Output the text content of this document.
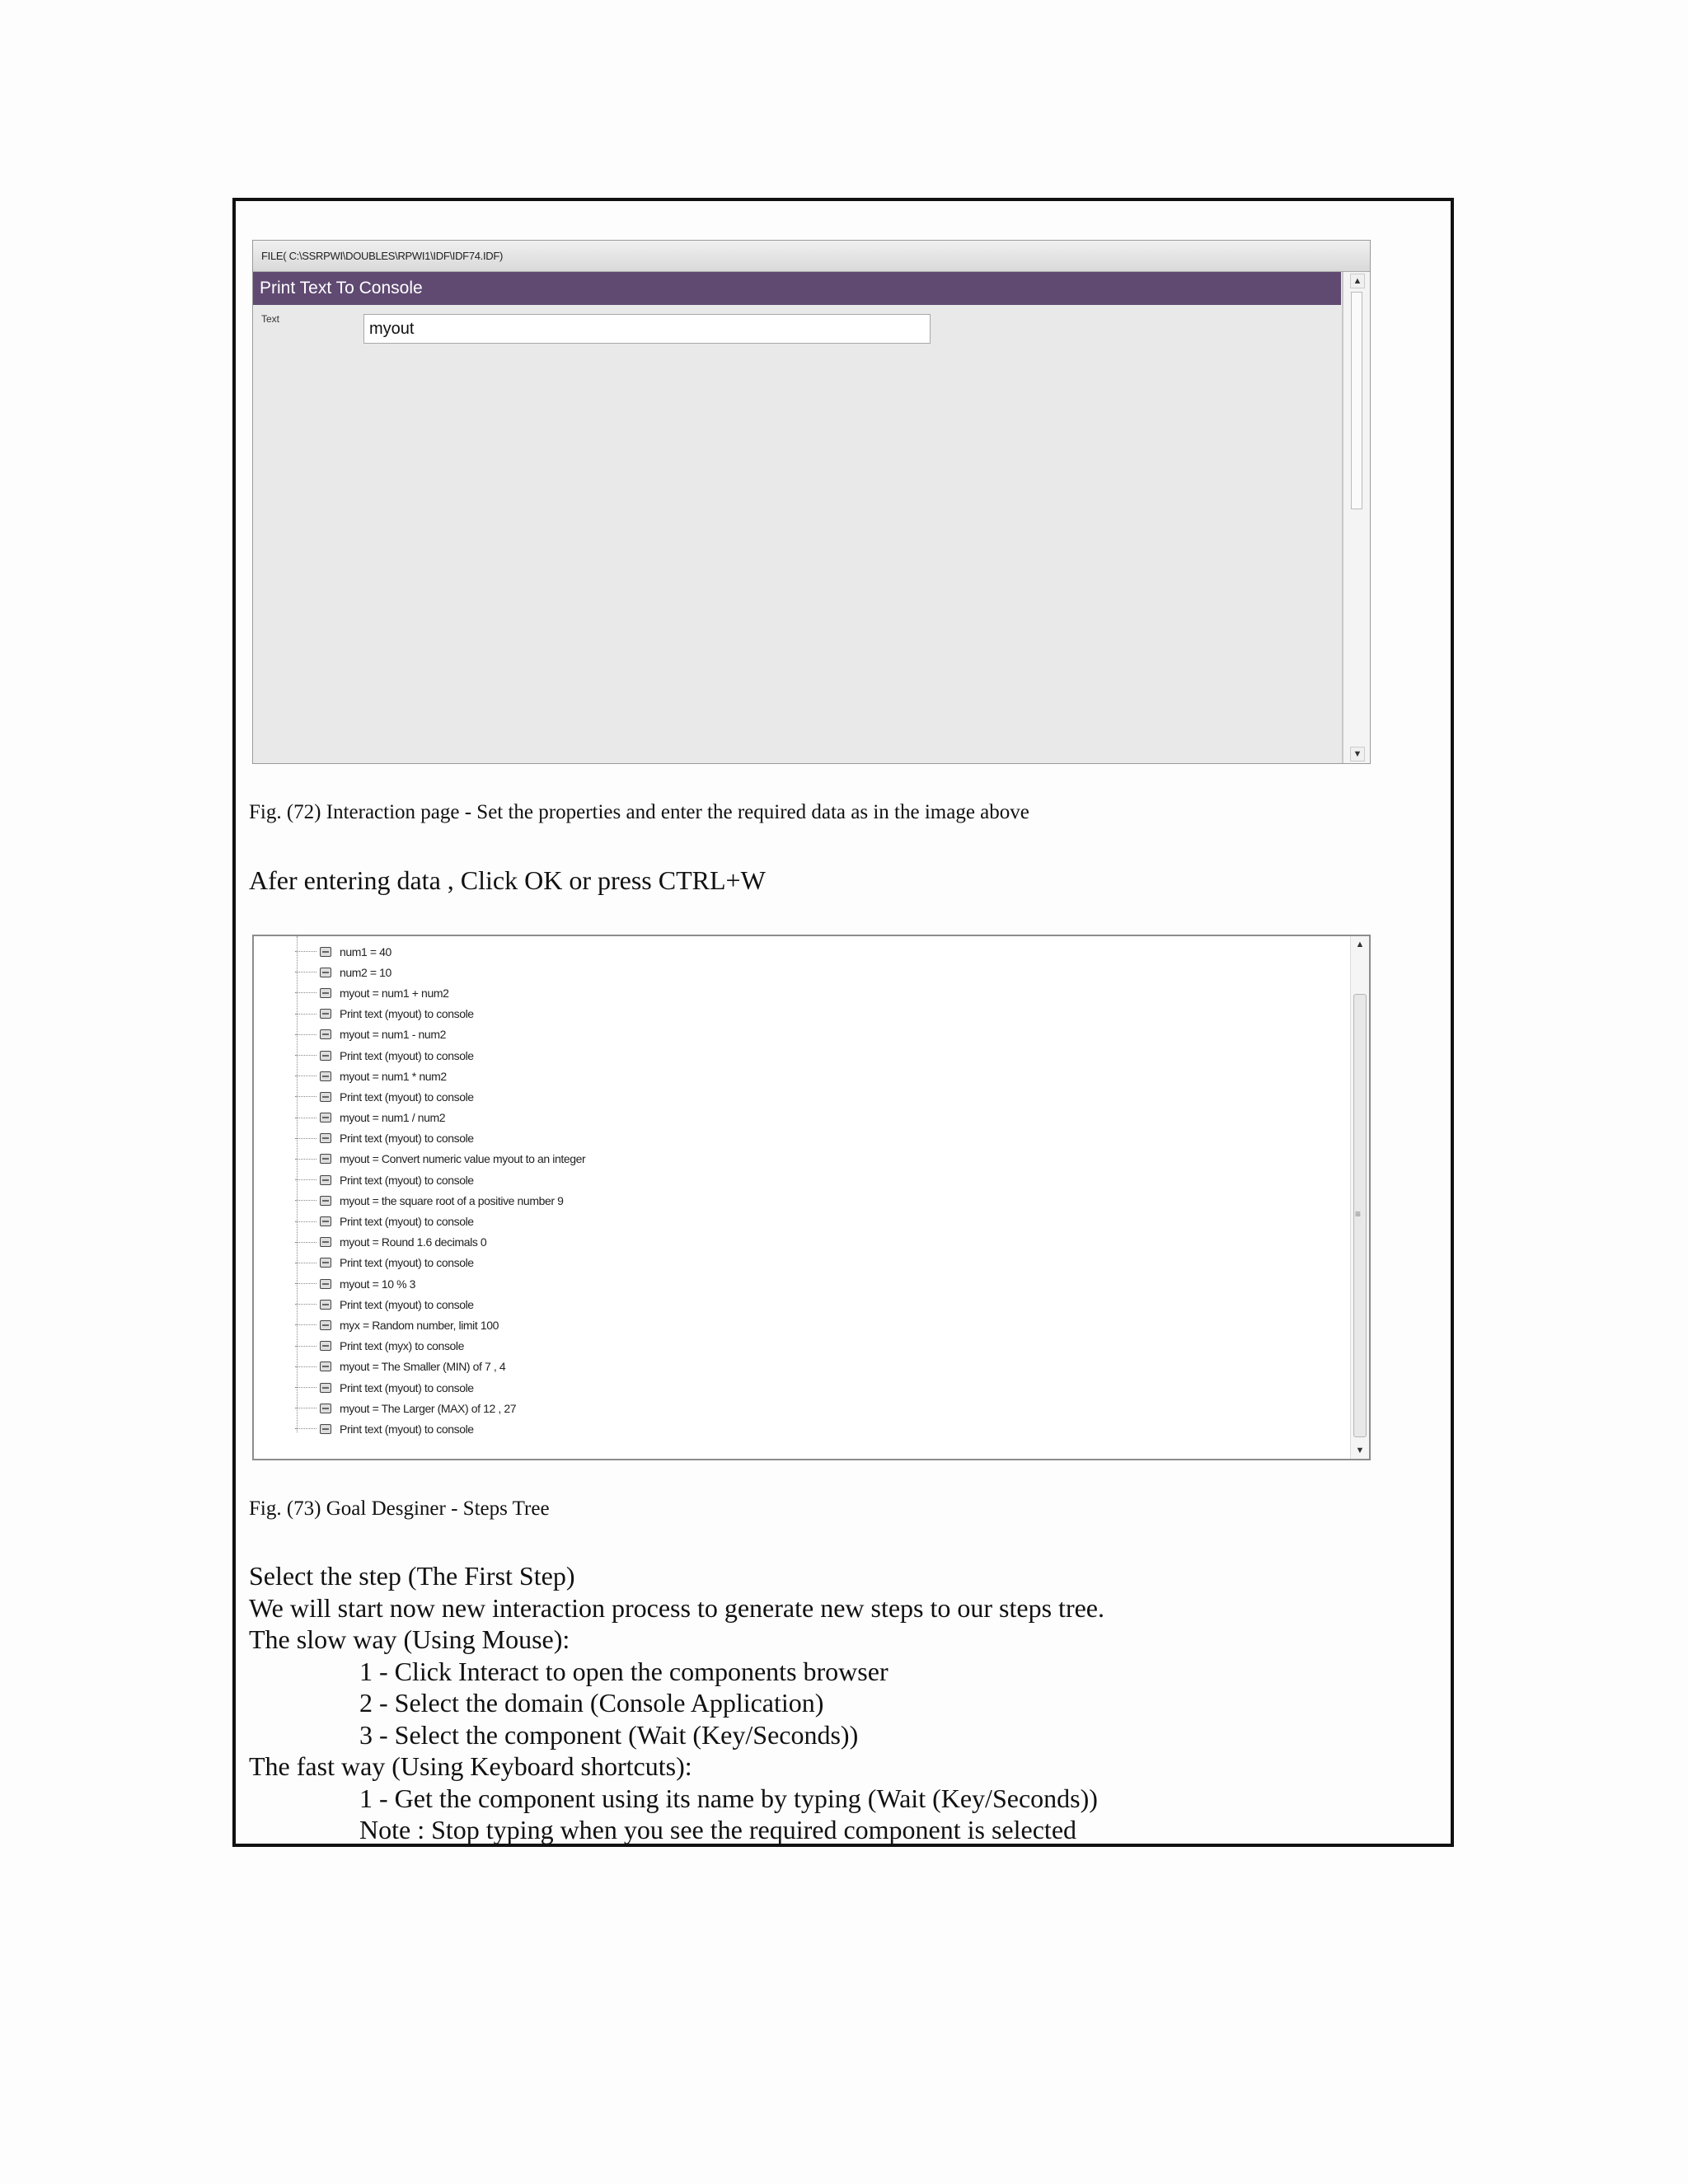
FILE( C:\SSRPWI\DOUBLES\RPWI1\IDF\IDF74.IDF)
Print Text To Console
Text
myout
▲
▼
Fig. (72) Interaction page - Set the properties and enter the required data as in the image above
Afer entering data , Click OK or press CTRL+W
num1 = 40
num2 = 10
myout = num1 + num2
Print text (myout) to console
myout = num1 - num2
Print text (myout) to console
myout = num1 * num2
Print text (myout) to console
myout = num1 / num2
Print text (myout) to console
myout = Convert numeric value myout to an integer
Print text (myout) to console
myout = the square root of a positive number 9
Print text (myout) to console
myout = Round 1.6 decimals 0
Print text (myout) to console
myout = 10 % 3
Print text (myout) to console
myx = Random number, limit 100
Print text (myx) to console
myout = The Smaller (MIN) of 7 , 4
Print text (myout) to console
myout = The Larger (MAX) of 12 , 27
Print text (myout) to console
▲
≡
▼
Fig. (73) Goal Desginer - Steps Tree
Select the step (The First Step)
We will start now new interaction process to generate new steps to our steps tree.
The slow way (Using Mouse):
1 - Click Interact to open the components browser
2 - Select the domain (Console Application)
3 - Select the component (Wait (Key/Seconds))
The fast way (Using Keyboard shortcuts):
1 - Get the component using its name by typing (Wait (Key/Seconds))
Note : Stop typing when you see the required component is selected
